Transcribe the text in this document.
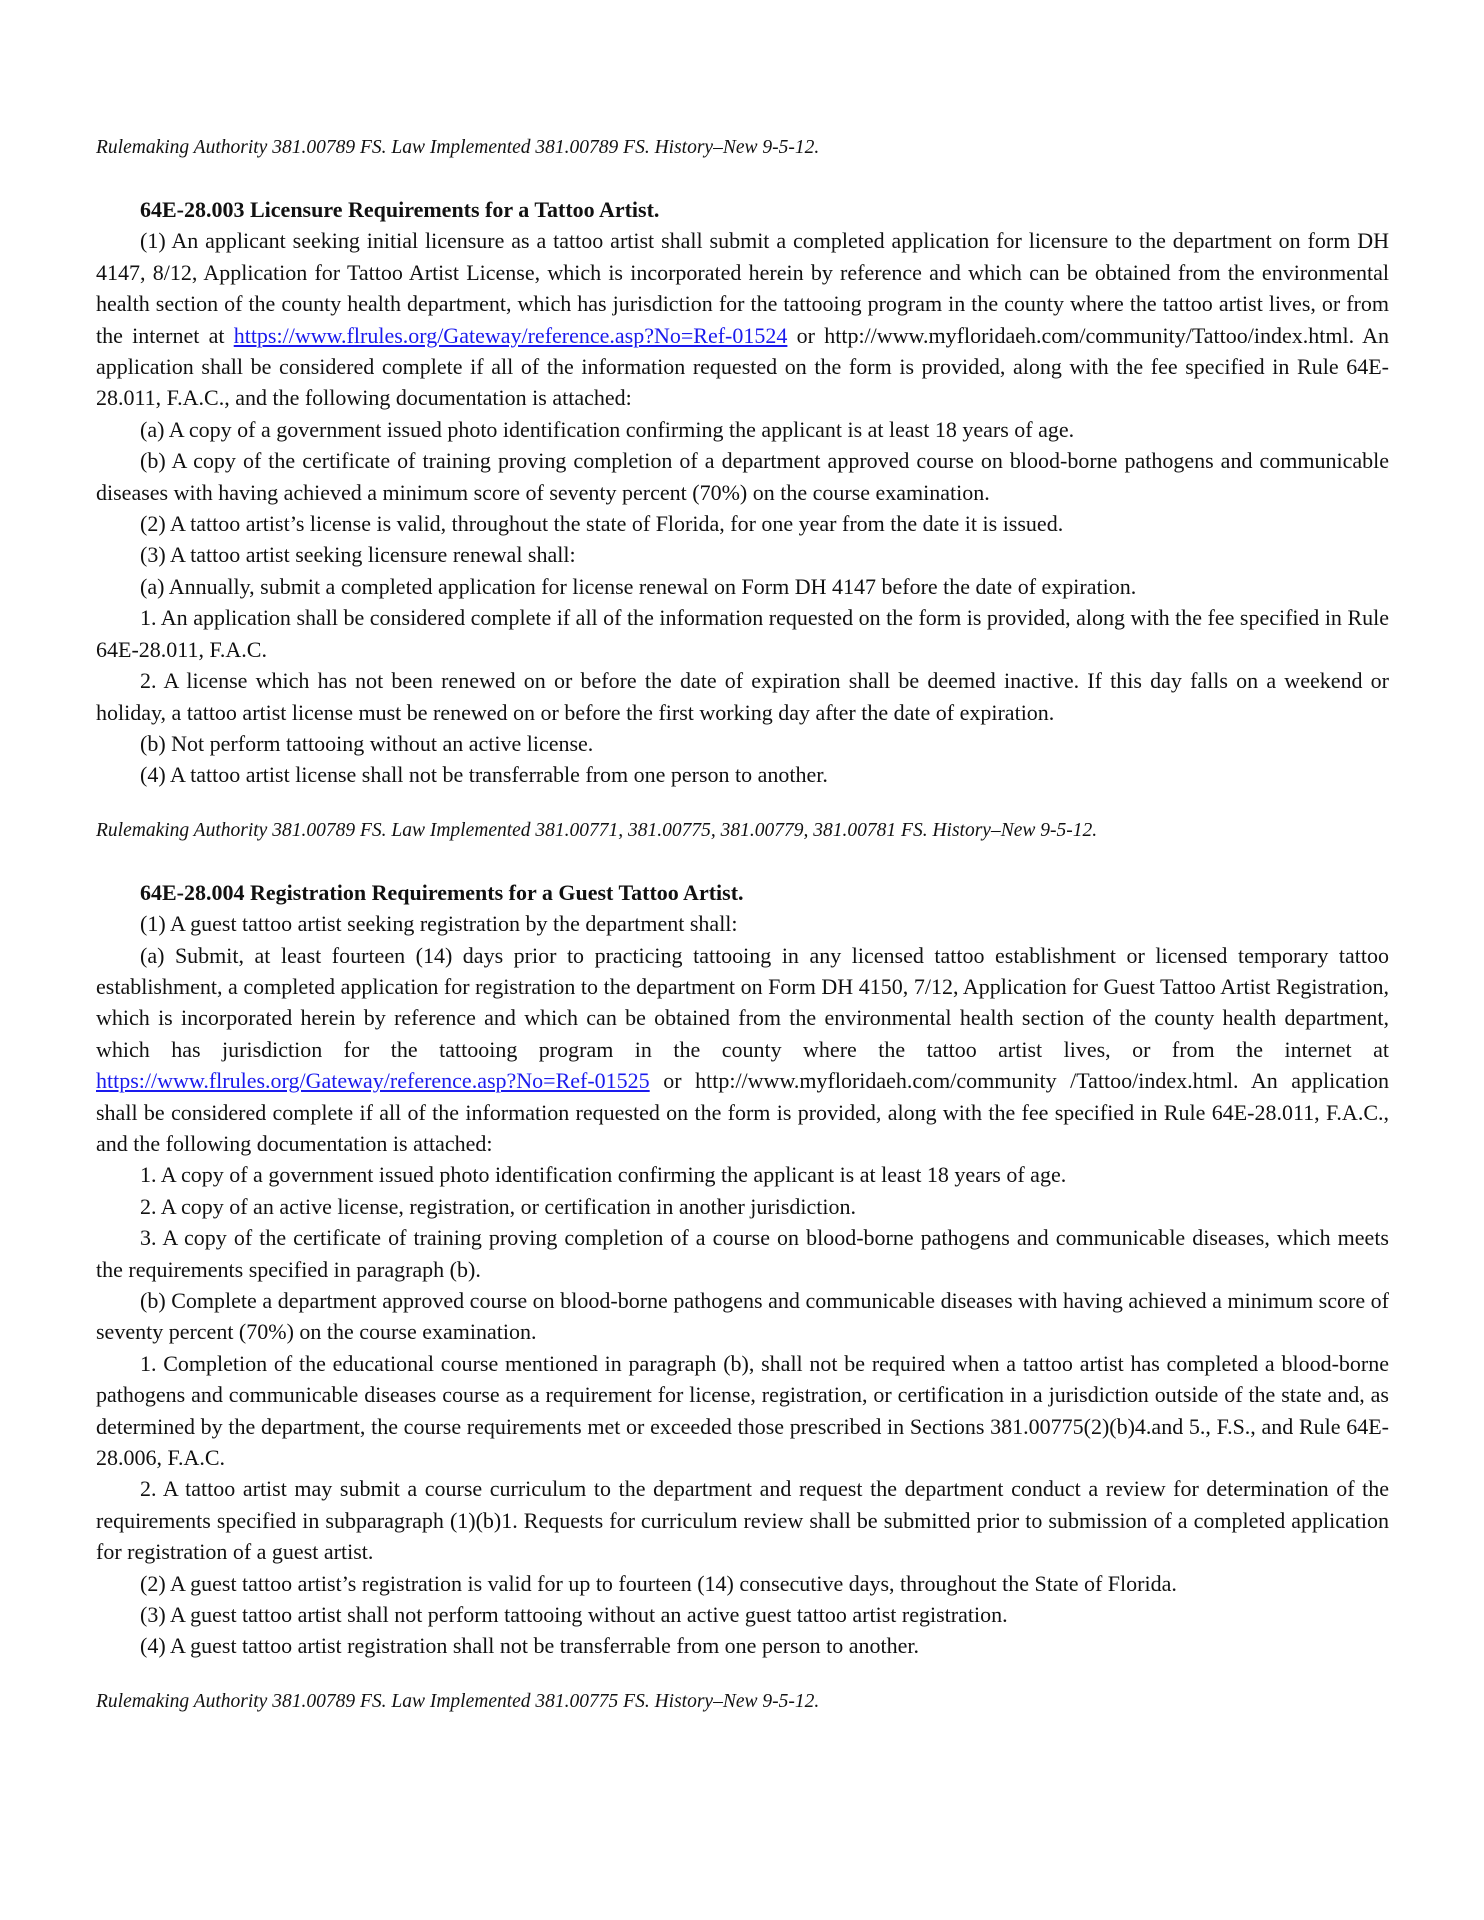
Rulemaking Authority 381.00789 FS. Law Implemented 381.00789 FS. History–New 9-5-12.

64E-28.003 Licensure Requirements for a Tattoo Artist.

(1) An applicant seeking initial licensure as a tattoo artist shall submit a completed application for licensure to the department on form DH 4147, 8/12, Application for Tattoo Artist License, which is incorporated herein by reference and which can be obtained from the environmental health section of the county health department, which has jurisdiction for the tattooing program in the county where the tattoo artist lives, or from the internet at https://www.flrules.org/Gateway/reference.asp?No=Ref-01524 or http://www.myfloridaeh.com/community/Tattoo/index.html. An application shall be considered complete if all of the information requested on the form is provided, along with the fee specified in Rule 64E-28.011, F.A.C., and the following documentation is attached:

(a) A copy of a government issued photo identification confirming the applicant is at least 18 years of age.

(b) A copy of the certificate of training proving completion of a department approved course on blood-borne pathogens and communicable diseases with having achieved a minimum score of seventy percent (70%) on the course examination.

(2) A tattoo artist’s license is valid, throughout the state of Florida, for one year from the date it is issued.

(3) A tattoo artist seeking licensure renewal shall:

(a) Annually, submit a completed application for license renewal on Form DH 4147 before the date of expiration.

1. An application shall be considered complete if all of the information requested on the form is provided, along with the fee specified in Rule 64E-28.011, F.A.C.

2. A license which has not been renewed on or before the date of expiration shall be deemed inactive. If this day falls on a weekend or holiday, a tattoo artist license must be renewed on or before the first working day after the date of expiration.

(b) Not perform tattooing without an active license.

(4) A tattoo artist license shall not be transferrable from one person to another.

Rulemaking Authority 381.00789 FS. Law Implemented 381.00771, 381.00775, 381.00779, 381.00781 FS. History–New 9-5-12.

64E-28.004 Registration Requirements for a Guest Tattoo Artist.

(1) A guest tattoo artist seeking registration by the department shall:

(a) Submit, at least fourteen (14) days prior to practicing tattooing in any licensed tattoo establishment or licensed temporary tattoo establishment, a completed application for registration to the department on Form DH 4150, 7/12, Application for Guest Tattoo Artist Registration, which is incorporated herein by reference and which can be obtained from the environmental health section of the county health department, which has jurisdiction for the tattooing program in the county where the tattoo artist lives, or from the internet at https://www.flrules.org/Gateway/reference.asp?No=Ref-01525 or http://www.myfloridaeh.com/community /Tattoo/index.html. An application shall be considered complete if all of the information requested on the form is provided, along with the fee specified in Rule 64E-28.011, F.A.C., and the following documentation is attached:

1. A copy of a government issued photo identification confirming the applicant is at least 18 years of age.

2. A copy of an active license, registration, or certification in another jurisdiction.

3. A copy of the certificate of training proving completion of a course on blood-borne pathogens and communicable diseases, which meets the requirements specified in paragraph (b).

(b) Complete a department approved course on blood-borne pathogens and communicable diseases with having achieved a minimum score of seventy percent (70%) on the course examination.

1. Completion of the educational course mentioned in paragraph (b), shall not be required when a tattoo artist has completed a blood-borne pathogens and communicable diseases course as a requirement for license, registration, or certification in a jurisdiction outside of the state and, as determined by the department, the course requirements met or exceeded those prescribed in Sections 381.00775(2)(b)4.and 5., F.S., and Rule 64E-28.006, F.A.C.

2. A tattoo artist may submit a course curriculum to the department and request the department conduct a review for determination of the requirements specified in subparagraph (1)(b)1. Requests for curriculum review shall be submitted prior to submission of a completed application for registration of a guest artist.

(2) A guest tattoo artist’s registration is valid for up to fourteen (14) consecutive days, throughout the State of Florida.

(3) A guest tattoo artist shall not perform tattooing without an active guest tattoo artist registration.

(4) A guest tattoo artist registration shall not be transferrable from one person to another.

Rulemaking Authority 381.00789 FS. Law Implemented 381.00775 FS. History–New 9-5-12.
